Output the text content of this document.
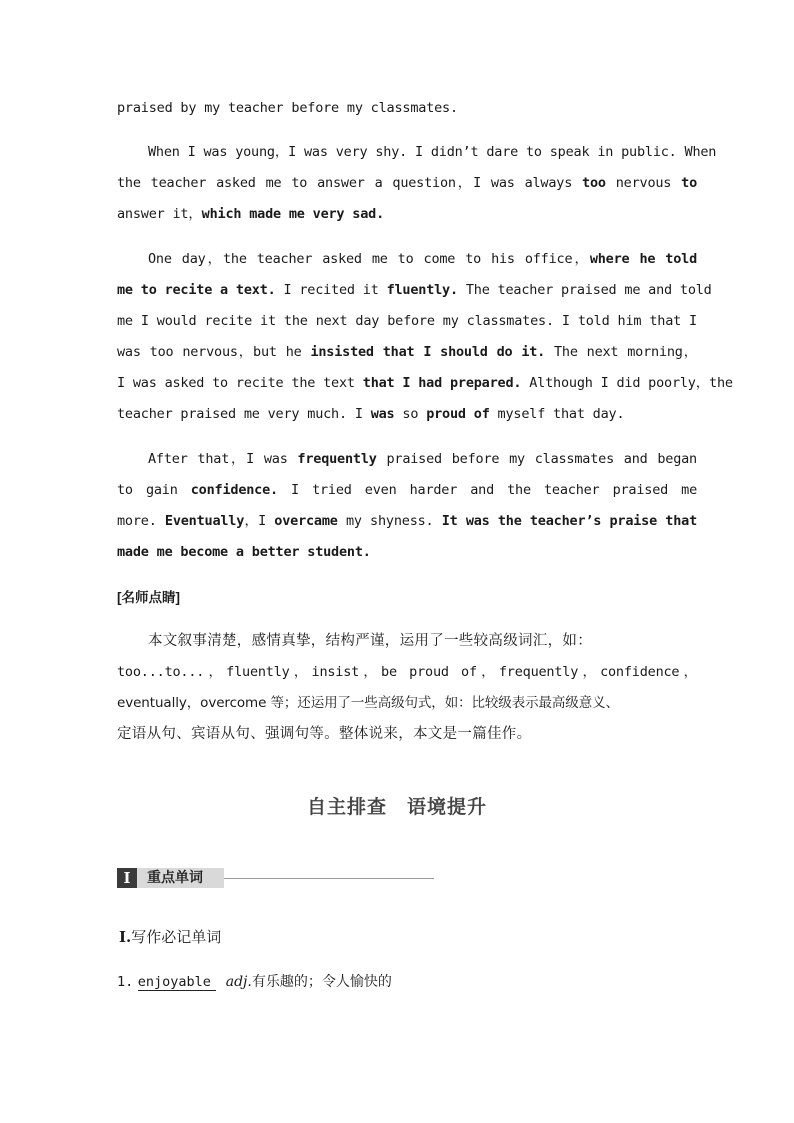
praised by my teacher before my classmates.
When I was young，I was very shy. I didn’t dare to speak in public. When
the teacher asked me to answer a question，I was always too nervous to
answer it，which made me very sad.
One day，the teacher asked me to come to his office，where he told
me to recite a text. I recited it fluently. The teacher praised me and told
me I would recite it the next day before my classmates. I told him that I
was too nervous，but he insisted that I should do it. The next morning，
I was asked to recite the text that I had prepared. Although I did poorly，the
teacher praised me very much. I was so proud of myself that day.
After that，I was frequently praised before my classmates and began
to gain confidence. I tried even harder and the teacher praised me
more. Eventually，I overcame my shyness. It was the teacher’s praise that
made me become a better student.
[名师点睛]
本文叙事清楚，感情真挚，结构严谨，运用了一些较高级词汇，如：
too...to...，fluently，insist，be proud of，frequently，confidence，
eventually，overcome 等；还运用了一些高级句式，如：比较级表示最高级意义、
定语从句、宾语从句、强调句等。整体说来，本文是一篇佳作。
自主排查　语境提升
Ⅰ	重点单词
Ⅰ.写作必记单词
1. enjoyable adj.有乐趣的；令人愉快的
